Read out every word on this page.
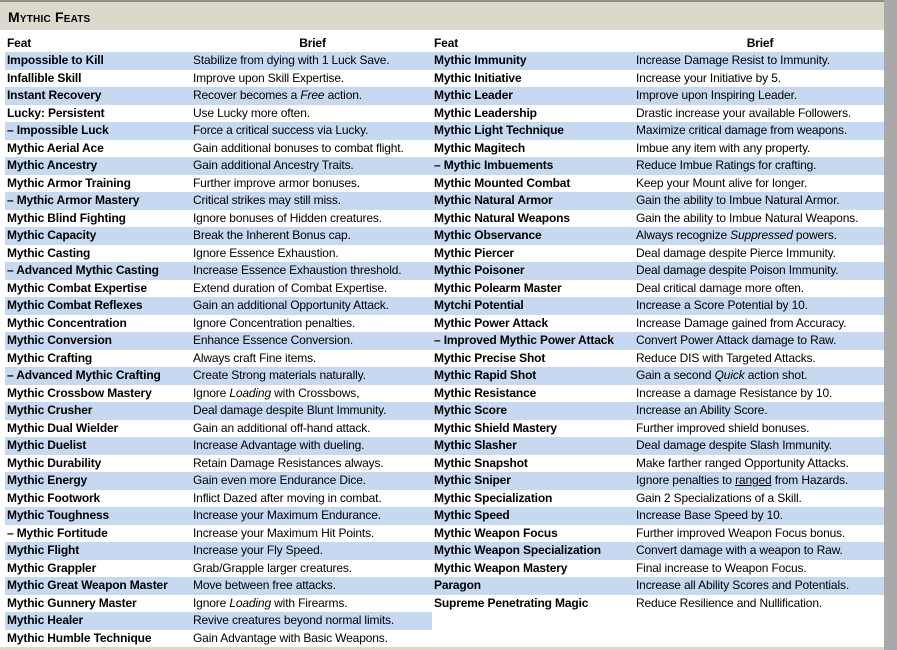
Mythic Feats
Feat	Brief
Impossible to Kill	Stabilize from dying with 1 Luck Save.
Infallible Skill	Improve upon Skill Expertise.
Instant Recovery	Recover becomes a Free action.
Lucky: Persistent	Use Lucky more often.
– Impossible Luck	Force a critical success via Lucky.
Mythic Aerial Ace	Gain additional bonuses to combat flight.
Mythic Ancestry	Gain additional Ancestry Traits.
Mythic Armor Training	Further improve armor bonuses.
– Mythic Armor Mastery	Critical strikes may still miss.
Mythic Blind Fighting	Ignore bonuses of Hidden creatures.
Mythic Capacity	Break the Inherent Bonus cap.
Mythic Casting	Ignore Essence Exhaustion.
– Advanced Mythic Casting	Increase Essence Exhaustion threshold.
Mythic Combat Expertise	Extend duration of Combat Expertise.
Mythic Combat Reflexes	Gain an additional Opportunity Attack.
Mythic Concentration	Ignore Concentration penalties.
Mythic Conversion	Enhance Essence Conversion.
Mythic Crafting	Always craft Fine items.
– Advanced Mythic Crafting	Create Strong materials naturally.
Mythic Crossbow Mastery	Ignore Loading with Crossbows,
Mythic Crusher	Deal damage despite Blunt Immunity.
Mythic Dual Wielder	Gain an additional off-hand attack.
Mythic Duelist	Increase Advantage with dueling.
Mythic Durability	Retain Damage Resistances always.
Mythic Energy	Gain even more Endurance Dice.
Mythic Footwork	Inflict Dazed after moving in combat.
Mythic Toughness	Increase your Maximum Endurance.
– Mythic Fortitude	Increase your Maximum Hit Points.
Mythic Flight	Increase your Fly Speed.
Mythic Grappler	Grab/Grapple larger creatures.
Mythic Great Weapon Master	Move between free attacks.
Mythic Gunnery Master	Ignore Loading with Firearms.
Mythic Healer	Revive creatures beyond normal limits.
Mythic Humble Technique	Gain Advantage with Basic Weapons.
Feat	Brief
Mythic Immunity	Increase Damage Resist to Immunity.
Mythic Initiative	Increase your Initiative by 5.
Mythic Leader	Improve upon Inspiring Leader.
Mythic Leadership	Drastic increase your available Followers.
Mythic Light Technique	Maximize critical damage from weapons.
Mythic Magitech	Imbue any item with any property.
– Mythic Imbuements	Reduce Imbue Ratings for crafting.
Mythic Mounted Combat	Keep your Mount alive for longer.
Mythic Natural Armor	Gain the ability to Imbue Natural Armor.
Mythic Natural Weapons	Gain the ability to Imbue Natural Weapons.
Mythic Observance	Always recognize Suppressed powers.
Mythic Piercer	Deal damage despite Pierce Immunity.
Mythic Poisoner	Deal damage despite Poison Immunity.
Mythic Polearm Master	Deal critical damage more often.
Mytchi Potential	Increase a Score Potential by 10.
Mythic Power Attack	Increase Damage gained from Accuracy.
– Improved Mythic Power Attack	Convert Power Attack damage to Raw.
Mythic Precise Shot	Reduce DIS with Targeted Attacks.
Mythic Rapid Shot	Gain a second Quick action shot.
Mythic Resistance	Increase a damage Resistance by 10.
Mythic Score	Increase an Ability Score.
Mythic Shield Mastery	Further improved shield bonuses.
Mythic Slasher	Deal damage despite Slash Immunity.
Mythic Snapshot	Make farther ranged Opportunity Attacks.
Mythic Sniper	Ignore penalties to ranged from Hazards.
Mythic Specialization	Gain 2 Specializations of a Skill.
Mythic Speed	Increase Base Speed by 10.
Mythic Weapon Focus	Further improved Weapon Focus bonus.
Mythic Weapon Specialization	Convert damage with a weapon to Raw.
Mythic Weapon Mastery	Final increase to Weapon Focus.
Paragon	Increase all Ability Scores and Potentials.
Supreme Penetrating Magic	Reduce Resilience and Nullification.
